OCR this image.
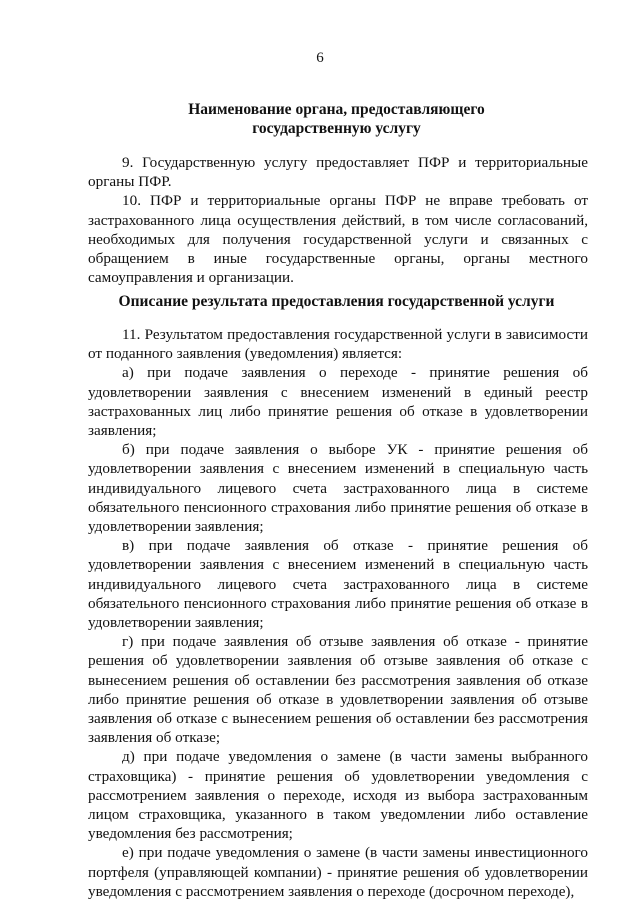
6

Наименование органа, предоставляющего

государственную услугу

9. Государственную услугу предоставляет ПФР и территориальные органы ПФР.

10. ПФР и территориальные органы ПФР не вправе требовать от застрахованного лица осуществления действий, в том числе согласований, необходимых для получения государственной услуги и связанных с обращением в иные государственные органы, органы местного самоуправления и организации.

Описание результата предоставления государственной услуги

11. Результатом предоставления государственной услуги в зависимости от поданного заявления (уведомления) является:

а) при подаче заявления о переходе - принятие решения об удовлетворении заявления с внесением изменений в единый реестр застрахованных лиц либо принятие решения об отказе в удовлетворении заявления;

б) при подаче заявления о выборе УК - принятие решения об удовлетворении заявления с внесением изменений в специальную часть индивидуального лицевого счета застрахованного лица в системе обязательного пенсионного страхования либо принятие решения об отказе в удовлетворении заявления;

в) при подаче заявления об отказе - принятие решения об удовлетворении заявления с внесением изменений в специальную часть индивидуального лицевого счета застрахованного лица в системе обязательного пенсионного страхования либо принятие решения об отказе в удовлетворении заявления;

г) при подаче заявления об отзыве заявления об отказе - принятие решения об удовлетворении заявления об отзыве заявления об отказе с вынесением решения об оставлении без рассмотрения заявления об отказе либо принятие решения об отказе в удовлетворении заявления об отзыве заявления об отказе с вынесением решения об оставлении без рассмотрения заявления об отказе;

д) при подаче уведомления о замене (в части замены выбранного страховщика) - принятие решения об удовлетворении уведомления с рассмотрением заявления о переходе, исходя из выбора застрахованным лицом страховщика, указанного в таком уведомлении либо оставление уведомления без рассмотрения;

е) при подаче уведомления о замене (в части замены инвестиционного портфеля (управляющей компании) - принятие решения об удовлетворении уведомления с рассмотрением заявления о переходе (досрочном переходе),
